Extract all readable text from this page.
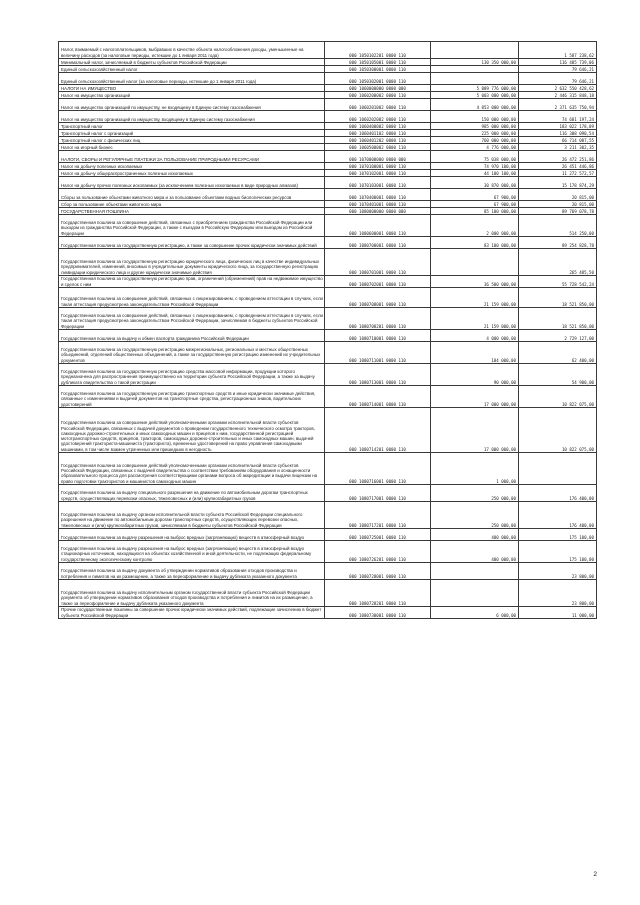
Налог, взимаемый с налогоплательщиков, выбравших в качестве объекта налогообложения доходы, уменьшенные на величину расходов (за налоговые периоды, истекшие до 1 января 2011 года)	000 1050102201 0000 110		1 587 238,62
Минимальный налог, зачисляемый в бюджеты субъектов Российской Федерации	000 1050105001 0000 110	130 350 000,00	116 485 739,06
Единый сельскохозяйственный налог	000 1050300001 0000 110		79 646,21
Единый сельскохозяйственный налог (за налоговые периоды, истекшие до 1 января 2011 года)	000 1050302001 0000 110		79 646,21
НАЛОГИ НА ИМУЩЕСТВО	000 1060000000 0000 000	5 889 776 000,00	2 632 550 428,62
Налог на имущество организаций	000 1060200002 0000 110	5 003 000 000,00	2 446 315 848,18
Налог на имущество организаций по имуществу, не входящему в Единую систему газоснабжения	000 1060201002 0000 110	4 853 000 000,00	2 371 635 750,94
Налог на имущество организаций по имуществу, входящему в Единую систему газоснабжения	000 1060202002 0000 110	150 000 000,00	74 681 197,24
Транспортный налог	000 1060400002 0000 110	985 000 000,00	183 022 178,09
Транспортный налог с организаций	000 1060401102 0000 110	225 000 000,00	116 308 090,54
Транспортный налог с физических лиц	000 1060401202 0000 110	760 000 000,00	66 714 087,55
Налог на игорный бизнес	000 1060500002 0000 110	4 776 000,00	3 211 302,35
НАЛОГИ, СБОРЫ И РЕГУЛЯРНЫЕ ПЛАТЕЖИ ЗА ПОЛЬЗОВАНИЕ ПРИРОДНЫМИ РЕСУРСАМИ	000 1070000000 0000 000	75 038 000,00	26 472 251,86
Налог на добычу полезных ископаемых	000 1070100001 0000 110	74 970 100,00	26 451 446,86
Налог на добычу общераспространенных полезных ископаемых	000 1070102001 0000 110	44 100 100,00	11 272 572,57
Налог на добычу прочих полезных ископаемых (за исключением полезных ископаемых в виде природных алмазов)	000 1070103001 0000 110	30 870 000,00	15 178 874,29
Сборы за пользование объектами животного мира и за пользование объектами водных биологических ресурсов	000 1070400001 0000 110	67 900,00	20 815,00
Сбор за пользование объектами животного мира	000 1070401001 0000 110	67 900,00	20 815,00
ГОСУДАРСТВЕННАЯ ПОШЛИНА	000 1080000000 0000 000	85 100 000,00	89 769 078,78
Государственная пошлина за совершение действий, связанных с приобретением гражданства Российской Федерации или выходом из гражданства Российской Федерации, а также с въездом в Российскую Федерацию или выездом из Российской Федерации	000 1080600001 0000 110	2 000 000,00	514 250,00
Государственная пошлина за государственную регистрацию, а также за совершение прочих юридически значимых действий	000 1080700001 0000 110	83 100 000,00	89 254 828,78
Государственная пошлина за государственную регистрацию юридического лица, физических лиц в качестве индивидуальных предпринимателей, изменений, вносимых в учредительные документы юридического лица, за государственную регистрацию ликвидации юридического лица и другие юридически значимые действия	000 1080701001 0000 110		265 485,50
Государственная пошлина за государственную регистрацию прав, ограничений (обременений) прав на недвижимое имущество и сделок с ним	000 1080702001 0000 110	36 500 000,00	55 728 542,24
Государственная пошлина за совершение действий, связанных с лицензированием, с проведением аттестации в случаях, если такая аттестация предусмотрена законодательством Российской Федерации	000 1080708001 0000 110	21 159 000,00	18 521 850,00
Государственная пошлина за совершение действий, связанных с лицензированием, с проведением аттестации в случаях, если такая аттестация предусмотрена законодательством Российской Федерации, зачисляемая в бюджеты субъектов Российской Федерации	000 1080708201 0000 110	21 159 000,00	18 521 850,00
Государственная пошлина за выдачу и обмен паспорта гражданина Российской Федерации	000 1080710001 0000 110	4 000 000,00	2 729 127,00
Государственная пошлина за государственную регистрацию межрегиональных, региональных и местных общественных объединений, отделений общественных объединений, а также за государственную регистрацию изменений их учредительных документов	000 1080711001 0000 110	184 000,00	62 400,00
Государственная пошлина за государственную регистрацию средства массовой информации, продукции которого предназначена для распространения преимущественно на территории субъекта Российской Федерации, а также за выдачу дубликата свидетельства о такой регистрации	000 1080713001 0000 110	90 000,00	54 900,00
Государственная пошлина за государственную регистрацию транспортных средств и иные юридически значимые действия, связанные с изменениями и выдачей документов на транспортные средства, регистрационных знаков, водительских удостоверений	000 1080714001 0000 110	17 000 000,00	10 822 075,00
Государственная пошлина за совершение действий уполномоченными органами исполнительной власти субъектов Российской Федерации, связанных с выдачей документов о проведении государственного технического осмотра тракторов, самоходных дорожно-строительных и иных самоходных машин и прицепов к ним, государственной регистрацией мототранспортных средств, прицепов, тракторов, самоходных дорожно-строительных и иных самоходных машин, выдачей удостоверений тракториста-машиниста (тракториста), временных удостоверений на право управления самоходными машинами, в том числе взамен утраченных или пришедших в негодность	000 1080714201 0000 110	17 000 000,00	10 822 075,00
Государственная пошлина за совершение действий уполномоченными органами исполнительной власти субъектов Российской Федерации, связанных с выдачей свидетельства о соответствии требованиям оборудования и оснащенности образовательного процесса для рассмотрения соответствующими органами вопроса об аккредитации и выдачи лицензии на право подготовки трактористов и машинистов самоходных машин	000 1080716001 0000 110	1 000,00	
Государственная пошлина за выдачу специального разрешения на движение по автомобильным дорогам транспортных средств, осуществляющих перевозки опасных, тяжеловесных и (или) крупногабаритных грузов	000 1080717001 0000 110	250 000,00	176 400,00
Государственная пошлина за выдачу органом исполнительной власти субъекта Российской Федерации специального разрешения на движение по автомобильным дорогам транспортных средств, осуществляющих перевозки опасных, тяжеловесных и (или) крупногабаритных грузов, зачисляемая в бюджеты субъектов Российской Федерации	000 1080717201 0000 110	250 000,00	176 400,00
Государственная пошлина за выдачу разрешения на выброс вредных (загрязняющих) веществ в атмосферный воздух	000 1080725001 0000 110	400 000,00	175 100,00
Государственная пошлина за выдачу разрешения на выброс вредных (загрязняющих) веществ в атмосферный воздух стационарных источников, находящихся на объектах хозяйственной и иной деятельности, не подлежащих федеральному государственному экологическому контролю	000 1080726201 0000 110	400 000,00	175 100,00
Государственная пошлина за выдачу документа об утверждении нормативов образования отходов производства и потребления и лимитов на их размещение, а также за переоформление и выдачу дубликата указанного документа	000 1080728001 0000 110		23 800,00
Государственная пошлина за выдачу исполнительным органом государственной власти субъекта Российской Федерации документа об утверждении нормативов образования отходов производства и потребления и лимитов на их размещение, а также за переоформление и выдачу дубликата указанного документа	000 1080728201 0000 110		23 800,00
Прочие государственные пошлины за совершение прочих юридически значимых действий, подлежащие зачислению в бюджет субъекта Российской Федерации	000 1080730001 0000 110	6 000,00	11 000,00
2
